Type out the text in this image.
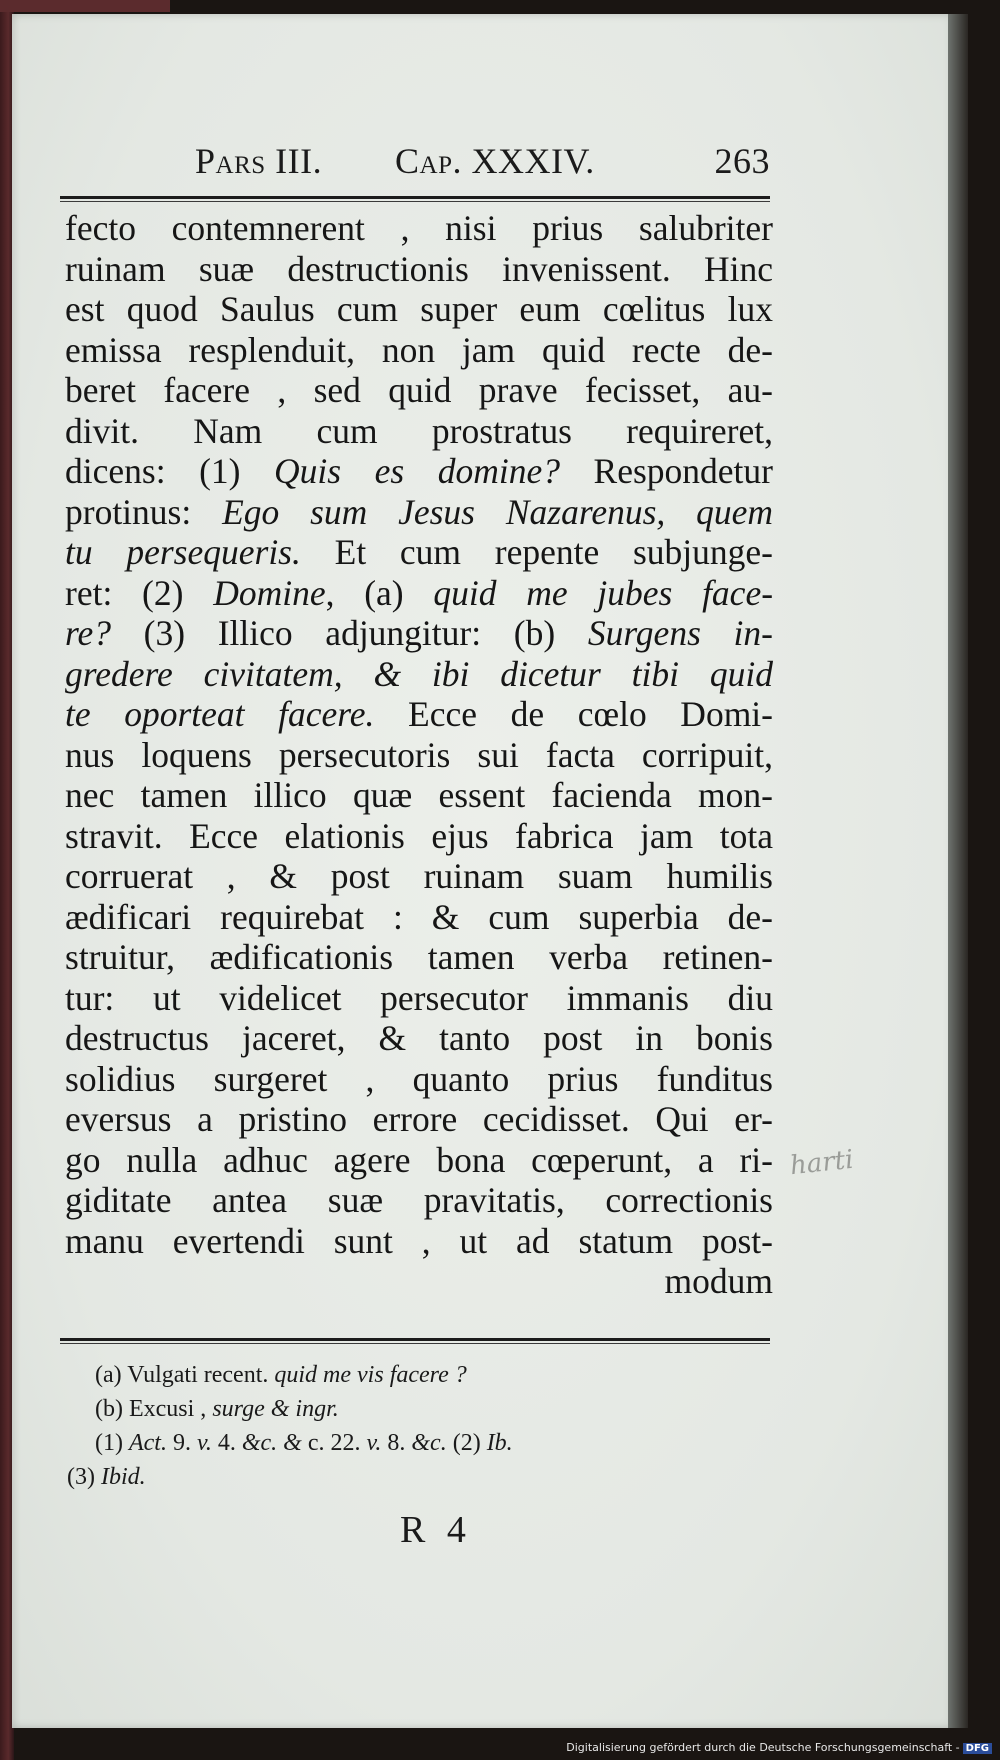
Pars III. Cap. XXXIV.	263
fecto contemnerent , nisi prius salubriter
ruinam suæ destructionis invenissent. Hinc
est quod Saulus cum super eum cœlitus lux
emissa resplenduit, non jam quid recte de-
beret facere , sed quid prave fecisset, au-
divit. Nam cum prostratus requireret,
dicens: (1) Quis es domine? Respondetur
protinus: Ego sum Jesus Nazarenus, quem
tu persequeris. Et cum repente subjunge-
ret: (2) Domine, (a) quid me jubes face-
re? (3) Illico adjungitur: (b) Surgens in-
gredere civitatem, & ibi dicetur tibi quid
te oporteat facere. Ecce de cœlo Domi-
nus loquens persecutoris sui facta corripuit,
nec tamen illico quæ essent facienda mon-
stravit. Ecce elationis ejus fabrica jam tota
corruerat , & post ruinam suam humilis
ædificari requirebat : & cum superbia de-
struitur, ædificationis tamen verba retinen-
tur: ut videlicet persecutor immanis diu
destructus jaceret, & tanto post in bonis
solidius surgeret , quanto prius funditus
eversus a pristino errore cecidisset. Qui er-
go nulla adhuc agere bona cœperunt, a ri-
giditate antea suæ pravitatis, correctionis
manu evertendi sunt , ut ad statum post-
modum
(a) Vulgati recent. quid me vis facere ?
(b) Excusi , surge & ingr.
(1) Act. 9. v. 4. &c. & c. 22. v. 8. &c. (2) Ib.
(3) Ibid.
R 4
harti
Digitalisierung gefördert durch die Deutsche Forschungsgemeinschaft - DFG
